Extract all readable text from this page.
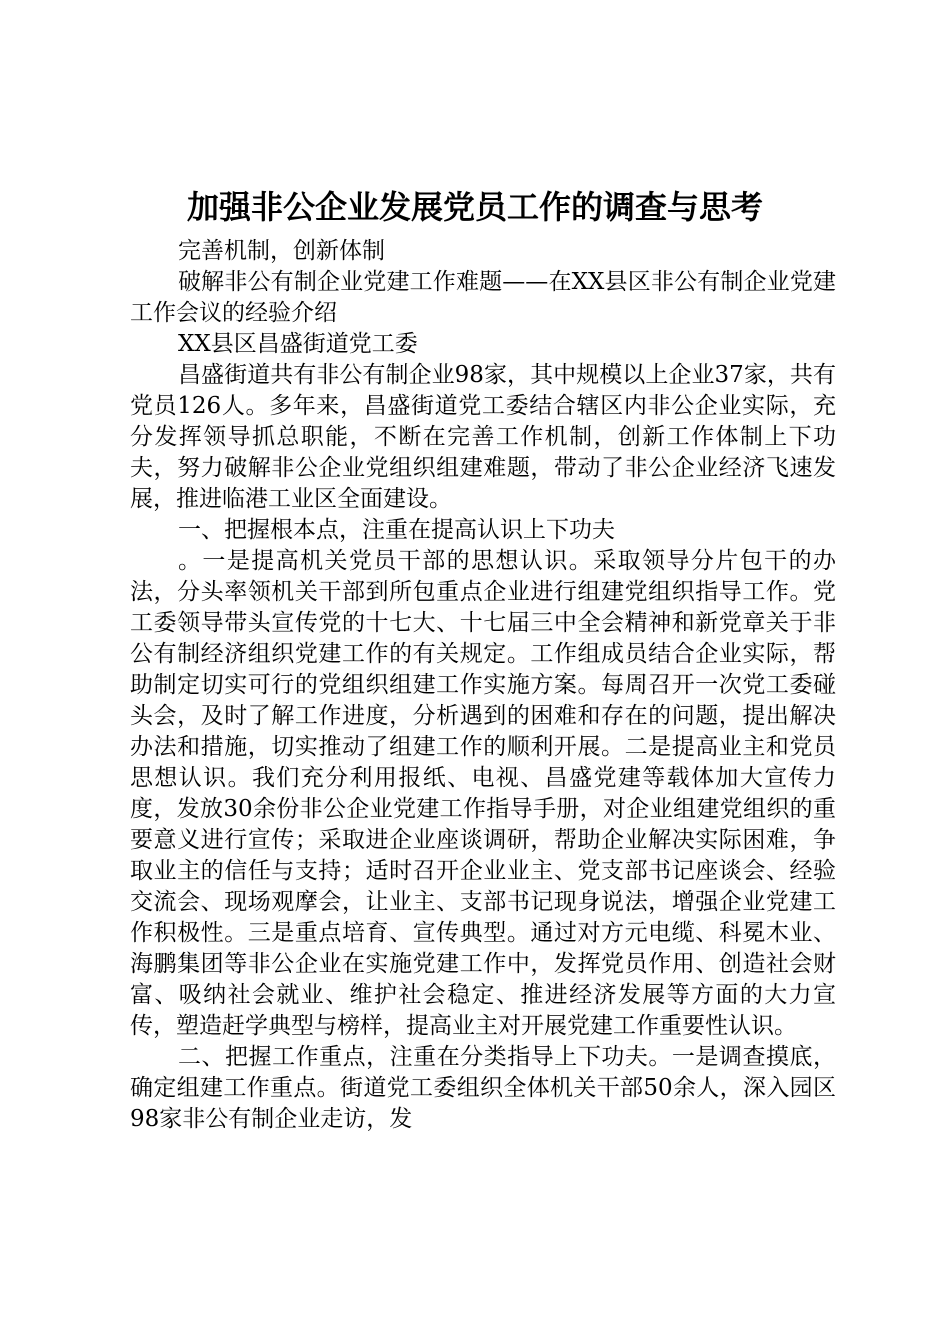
加强非公企业发展党员工作的调查与思考

完善机制，创新体制

破解非公有制企业党建工作难题——在XX县区非公有制企业党建工作会议的经验介绍

XX县区昌盛街道党工委

昌盛街道共有非公有制企业98家，其中规模以上企业37家，共有党员126人。多年来，昌盛街道党工委结合辖区内非公企业实际，充分发挥领导抓总职能，不断在完善工作机制，创新工作体制上下功夫，努力破解非公企业党组织组建难题，带动了非公企业经济飞速发展，推进临港工业区全面建设。

一、把握根本点，注重在提高认识上下功夫

。一是提高机关党员干部的思想认识。采取领导分片包干的办法，分头率领机关干部到所包重点企业进行组建党组织指导工作。党工委领导带头宣传党的十七大、十七届三中全会精神和新党章关于非公有制经济组织党建工作的有关规定。工作组成员结合企业实际，帮助制定切实可行的党组织组建工作实施方案。每周召开一次党工委碰头会，及时了解工作进度，分析遇到的困难和存在的问题，提出解决办法和措施，切实推动了组建工作的顺利开展。二是提高业主和党员思想认识。我们充分利用报纸、电视、昌盛党建等载体加大宣传力度，发放30余份非公企业党建工作指导手册，对企业组建党组织的重要意义进行宣传；采取进企业座谈调研，帮助企业解决实际困难，争取业主的信任与支持；适时召开企业业主、党支部书记座谈会、经验交流会、现场观摩会，让业主、支部书记现身说法，增强企业党建工作积极性。三是重点培育、宣传典型。通过对方元电缆、科冕木业、海鹏集团等非公企业在实施党建工作中，发挥党员作用、创造社会财富、吸纳社会就业、维护社会稳定、推进经济发展等方面的大力宣传，塑造赶学典型与榜样，提高业主对开展党建工作重要性认识。

二、把握工作重点，注重在分类指导上下功夫。一是调查摸底，确定组建工作重点。街道党工委组织全体机关干部50余人，深入园区98家非公有制企业走访，发
